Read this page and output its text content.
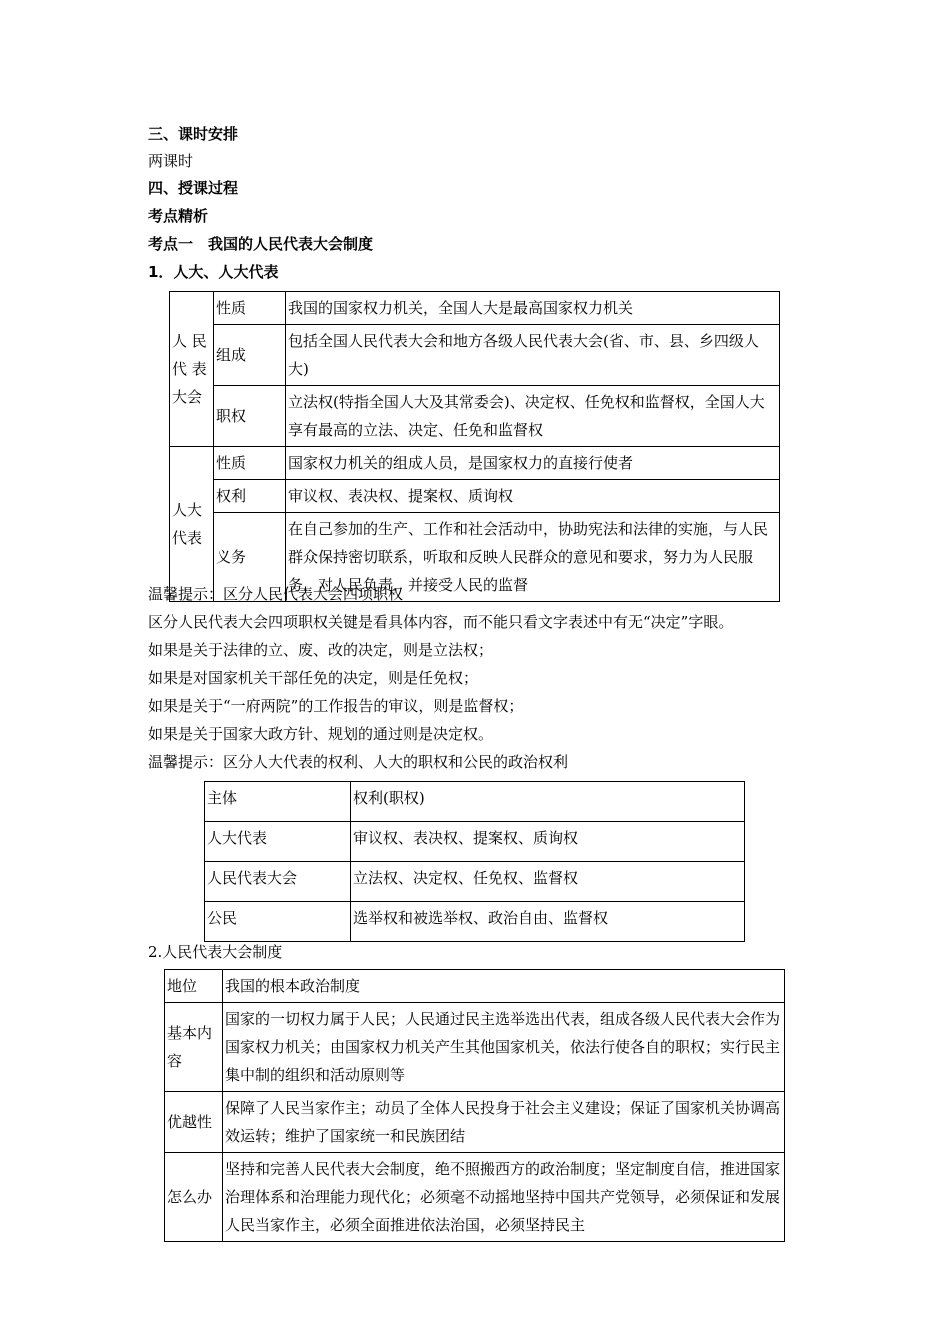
三、课时安排
两课时
四、授课过程
考点精析
考点一　我国的人民代表大会制度
1．人大、人大代表
人 民 代 表 大会	性质	我国的国家权力机关，全国人大是最高国家权力机关
	组成	包括全国人民代表大会和地方各级人民代表大会(省、市、县、乡四级人大)
	职权	立法权(特指全国人大及其常委会)、决定权、任免权和监督权，全国人大享有最高的立法、决定、任免和监督权
人大代表	性质	国家权力机关的组成人员，是国家权力的直接行使者
	权利	审议权、表决权、提案权、质询权
	义务	在自己参加的生产、工作和社会活动中，协助宪法和法律的实施，与人民群众保持密切联系，听取和反映人民群众的意见和要求，努力为人民服务，对人民负责，并接受人民的监督
温馨提示：区分人民代表大会四项职权
区分人民代表大会四项职权关键是看具体内容，而不能只看文字表述中有无“决定”字眼。
如果是关于法律的立、废、改的决定，则是立法权；
如果是对国家机关干部任免的决定，则是任免权；
如果是关于“一府两院”的工作报告的审议，则是监督权；
如果是关于国家大政方针、规划的通过则是决定权。
温馨提示：区分人大代表的权利、人大的职权和公民的政治权利
主体	权利(职权)
人大代表	审议权、表决权、提案权、质询权
人民代表大会	立法权、决定权、任免权、监督权
公民	选举权和被选举权、政治自由、监督权
2.人民代表大会制度
地位	我国的根本政治制度
基本内容	国家的一切权力属于人民；人民通过民主选举选出代表，组成各级人民代表大会作为国家权力机关；由国家权力机关产生其他国家机关，依法行使各自的职权；实行民主集中制的组织和活动原则等
优越性	保障了人民当家作主；动员了全体人民投身于社会主义建设；保证了国家机关协调高效运转；维护了国家统一和民族团结
怎么办	坚持和完善人民代表大会制度，绝不照搬西方的政治制度；坚定制度自信，推进国家治理体系和治理能力现代化；必须毫不动摇地坚持中国共产党领导，必须保证和发展人民当家作主，必须全面推进依法治国，必须坚持民主
